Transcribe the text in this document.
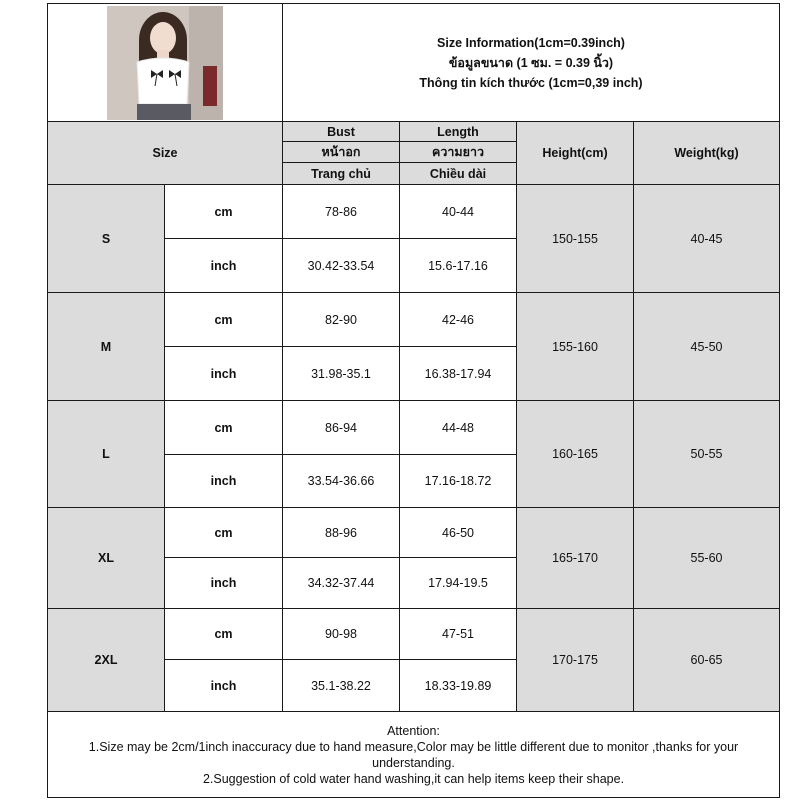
Size Information(1cm=0.39inch)
ข้อมูลขนาด (1 ซม. = 0.39 นิ้ว)
Thông tin kích thước (1cm=0,39 inch)			

Size		Bust	Length	Height(cm)	Weight(kg)
		หน้าอก	ความยาว		
		Trang chủ	Chiều dài		
S	cm	78-86	40-44	150-155	40-45
	inch	30.42-33.54	15.6-17.16		
M	cm	82-90	42-46	155-160	45-50
	inch	31.98-35.1	16.38-17.94		
L	cm	86-94	44-48	160-165	50-55
	inch	33.54-36.66	17.16-18.72		
XL	cm	88-96	46-50	165-170	55-60
	inch	34.32-37.44	17.94-19.5		
2XL	cm	90-98	47-51	170-175	60-65
	inch	35.1-38.22	18.33-19.89		

Attention:
1.Size may be 2cm/1inch inaccuracy due to hand measure,Color may be little different due to monitor ,thanks for your understanding.
2.Suggestion of cold water hand washing,it can help items keep their shape.					
